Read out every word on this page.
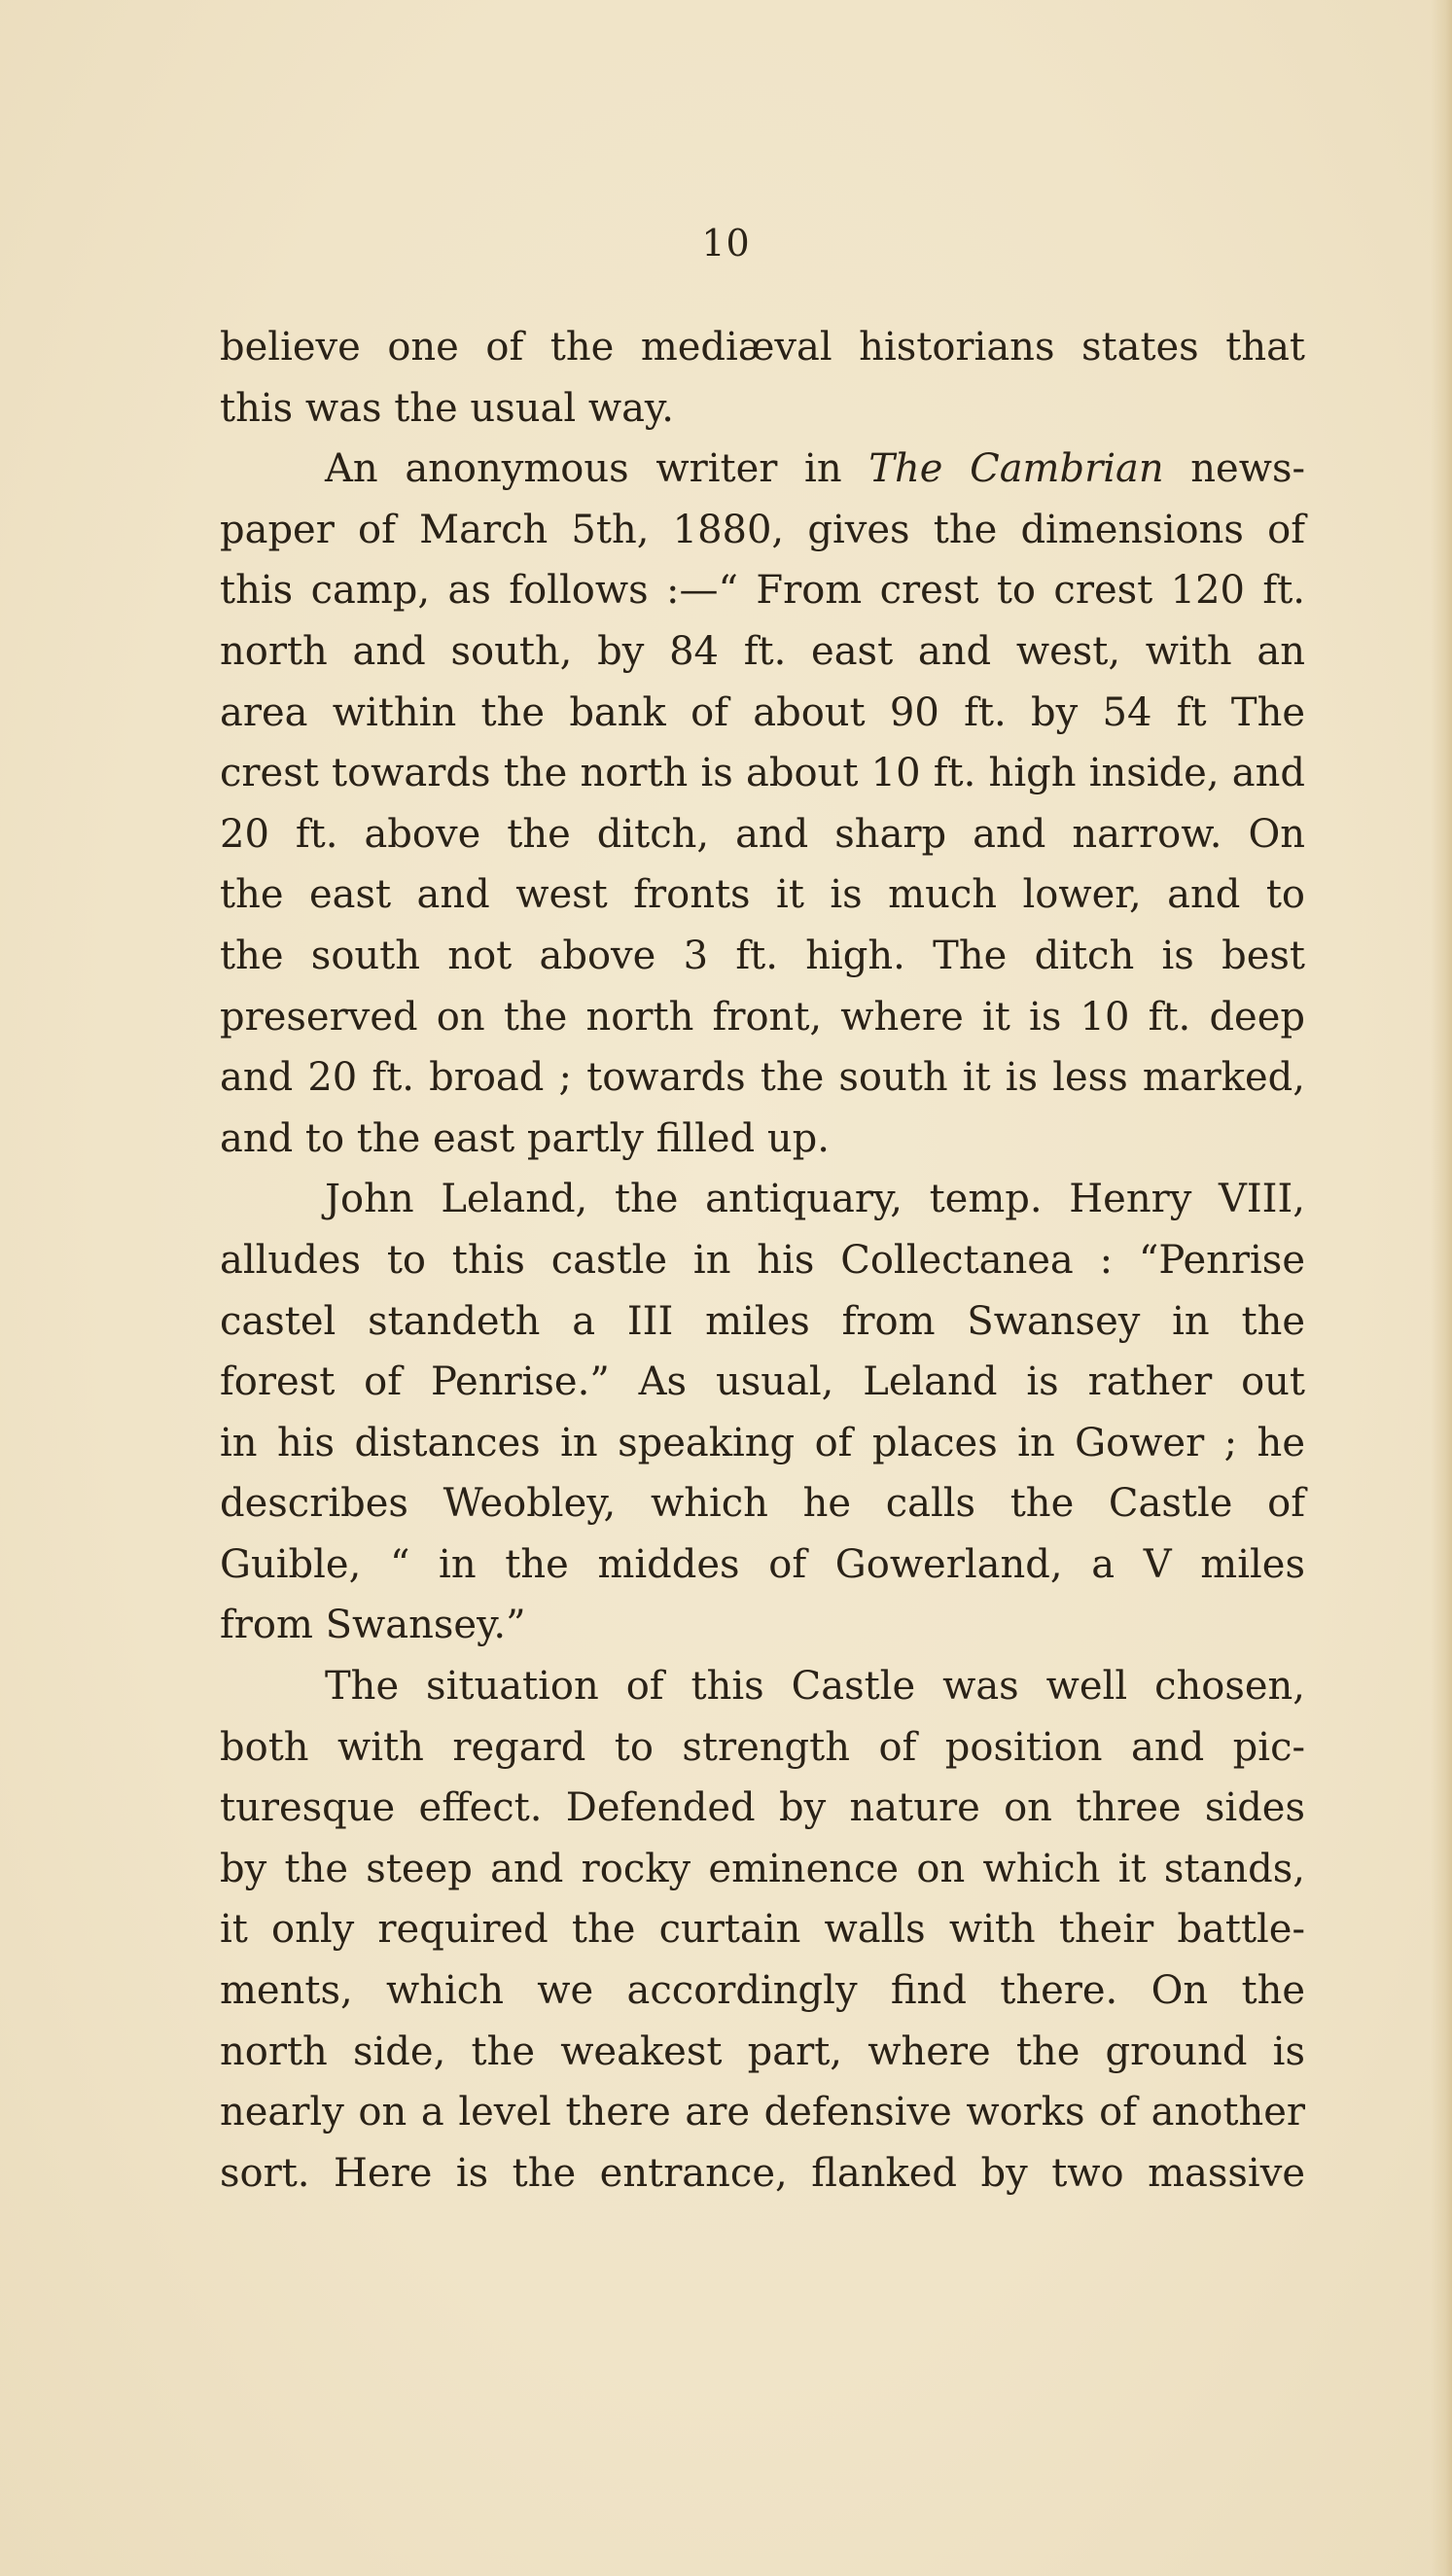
10
believe one of the mediæval historians states that
this was the usual way.
An anonymous writer in The Cambrian news-
paper of March 5th, 1880, gives the dimensions of
this camp, as follows :—“ From crest to crest 120 ft.
north and south, by 84 ft. east and west, with an
area within the bank of about 90 ft. by 54 ft The
crest towards the north is about 10 ft. high inside, and
20 ft. above the ditch, and sharp and narrow. On
the east and west fronts it is much lower, and to
the south not above 3 ft. high. The ditch is best
preserved on the north front, where it is 10 ft. deep
and 20 ft. broad ; towards the south it is less marked,
and to the east partly filled up.
John Leland, the antiquary, temp. Henry VIII,
alludes to this castle in his Collectanea : “Penrise
castel standeth a III miles from Swansey in the
forest of Penrise.” As usual, Leland is rather out
in his distances in speaking of places in Gower ; he
describes Weobley, which he calls the Castle of
Guible, “ in the middes of Gowerland, a V miles
from Swansey.”
The situation of this Castle was well chosen,
both with regard to strength of position and pic-
turesque effect. Defended by nature on three sides
by the steep and rocky eminence on which it stands,
it only required the curtain walls with their battle-
ments, which we accordingly find there. On the
north side, the weakest part, where the ground is
nearly on a level there are defensive works of another
sort. Here is the entrance, flanked by two massive
